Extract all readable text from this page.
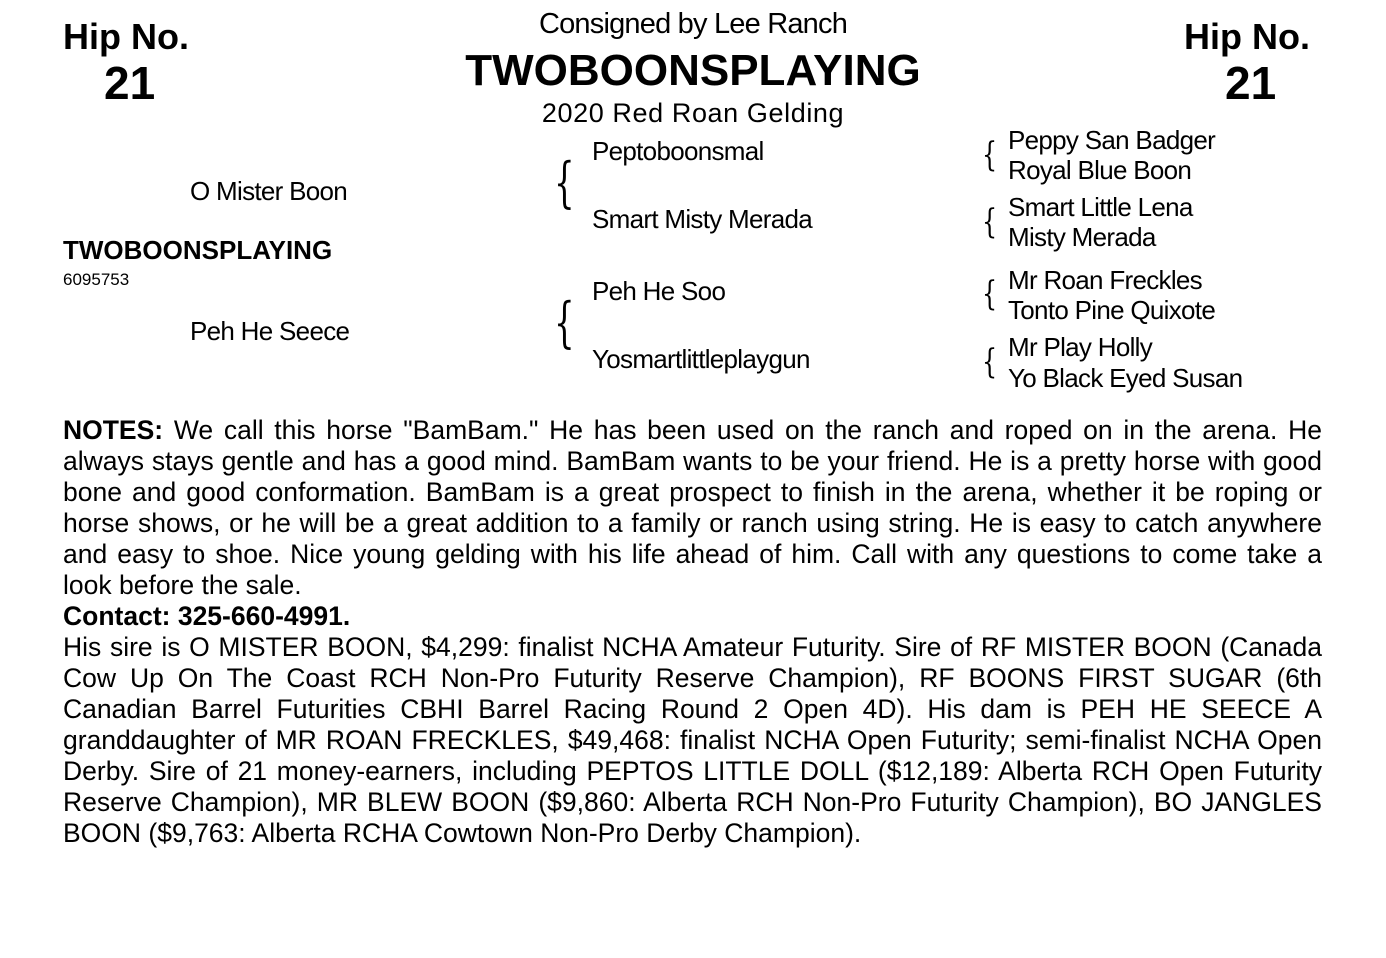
Hip No.
21
Hip No.
21
Consigned by Lee Ranch
TWOBOONSPLAYING
2020 Red Roan Gelding
O Mister Boon
TWOBOONSPLAYING
6095753
Peh He Seece
{
{
Peptoboonsmal
Smart Misty Merada
Peh He Soo
Yosmartlittleplaygun
{
{
{
{
Peppy San Badger
Royal Blue Boon
Smart Little Lena
Misty Merada
Mr Roan Freckles
Tonto Pine Quixote
Mr Play Holly
Yo Black Eyed Susan

NOTES: We call this horse "BamBam." He has been used on the ranch and roped on in the arena. He always stays gentle and has a good mind. BamBam wants to be your friend. He is a pretty horse with good bone and good conformation. BamBam is a great prospect to finish in the arena, whether it be roping or horse shows, or he will be a great addition to a family or ranch using string. He is easy to catch anywhere and easy to shoe. Nice young gelding with his life ahead of him. Call with any questions to come take a look before the sale.

Contact: 325-660-4991.

His sire is O MISTER BOON, $4,299: finalist NCHA Amateur Futurity. Sire of RF MISTER BOON (Canada Cow Up On The Coast RCH Non-Pro Futurity Reserve Champion), RF BOONS FIRST SUGAR (6th Canadian Barrel Futurities CBHI Barrel Racing Round 2 Open 4D). His dam is PEH HE SEECE A granddaughter of MR ROAN FRECKLES, $49,468: finalist NCHA Open Futurity; semi-finalist NCHA Open Derby. Sire of 21 money-earners, including PEPTOS LITTLE DOLL ($12,189: Alberta RCH Open Futurity Reserve Champion), MR BLEW BOON ($9,860: Alberta RCH Non-Pro Futurity Champion), BO JANGLES BOON ($9,763: Alberta RCHA Cowtown Non-Pro Derby Champion).
